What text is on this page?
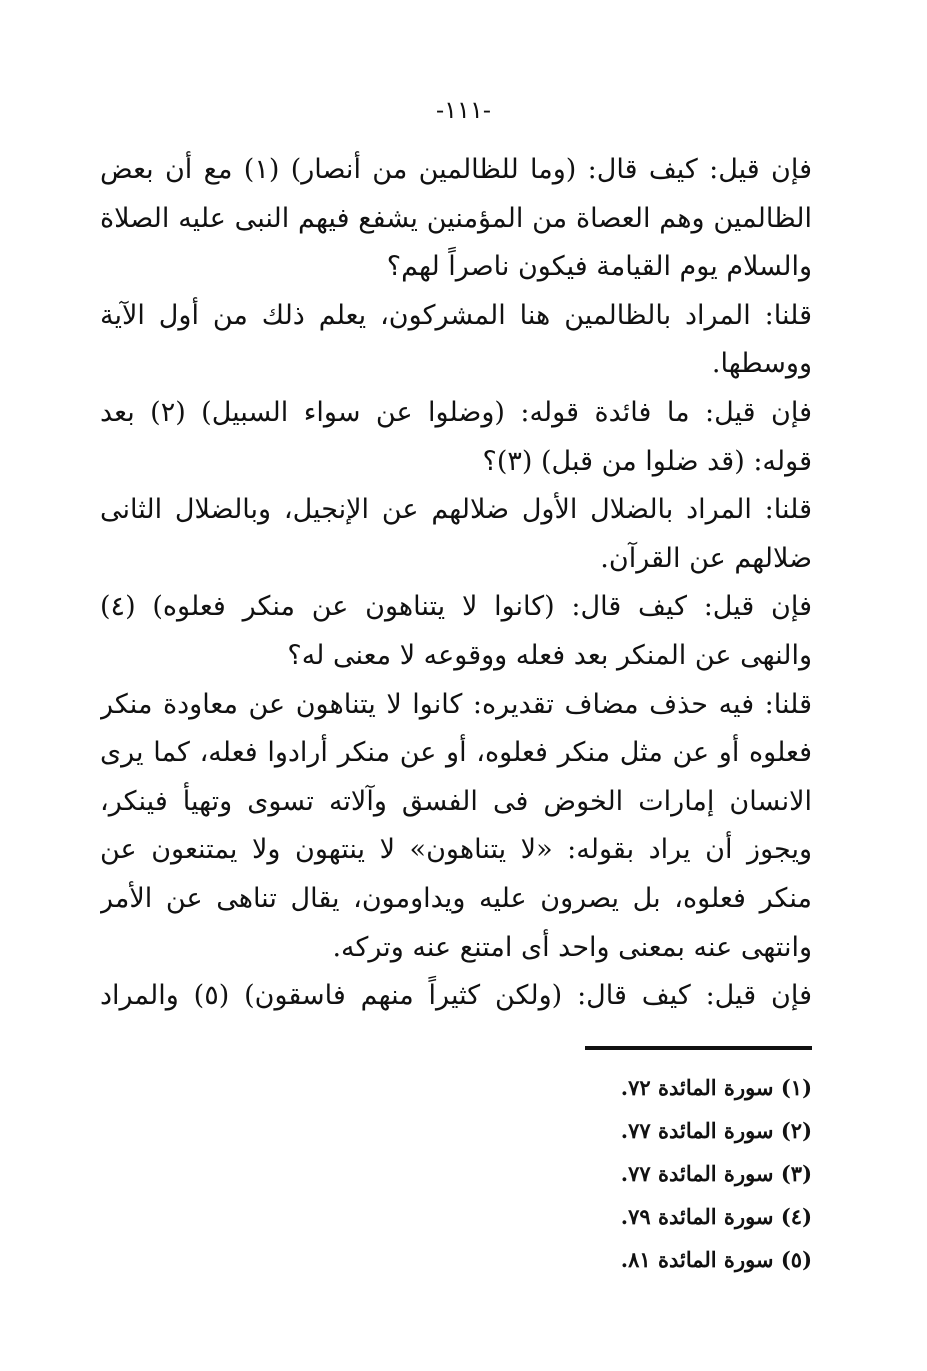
-١١١-
فإن قيل: كيف قال: (وما للظالمين من أنصار) (١) مع أن بعض
الظالمين وهم العصاة من المؤمنين يشفع فيهم النبى عليه الصلاة
والسلام يوم القيامة فيكون ناصراً لهم؟
قلنا: المراد بالظالمين هنا المشركون، يعلم ذلك من أول الآية
ووسطها.
فإن قيل: ما فائدة قوله: (وضلوا عن سواء السبيل) (٢) بعد
قوله: (قد ضلوا من قبل) (٣)؟
قلنا: المراد بالضلال الأول ضلالهم عن الإنجيل، وبالضلال الثانى
ضلالهم عن القرآن.
فإن قيل: كيف قال: (كانوا لا يتناهون عن منكر فعلوه) (٤)
والنهى عن المنكر بعد فعله ووقوعه لا معنى له؟
قلنا: فيه حذف مضاف تقديره: كانوا لا يتناهون عن معاودة منكر
فعلوه أو عن مثل منكر فعلوه، أو عن منكر أرادوا فعله، كما يرى
الانسان إمارات الخوض فى الفسق وآلاته تسوى وتهيأ فينكر،
ويجوز أن يراد بقوله: «لا يتناهون» لا ينتهون ولا يمتنعون عن
منكر فعلوه، بل يصرون عليه ويداومون، يقال تناهى عن الأمر
وانتهى عنه بمعنى واحد أى امتنع عنه وتركه.
فإن قيل: كيف قال: (ولكن كثيراً منهم فاسقون) (٥) والمراد
(١) سورة المائدة ٧٢.
(٢) سورة المائدة ٧٧.
(٣) سورة المائدة ٧٧.
(٤) سورة المائدة ٧٩.
(٥) سورة المائدة ٨١.
